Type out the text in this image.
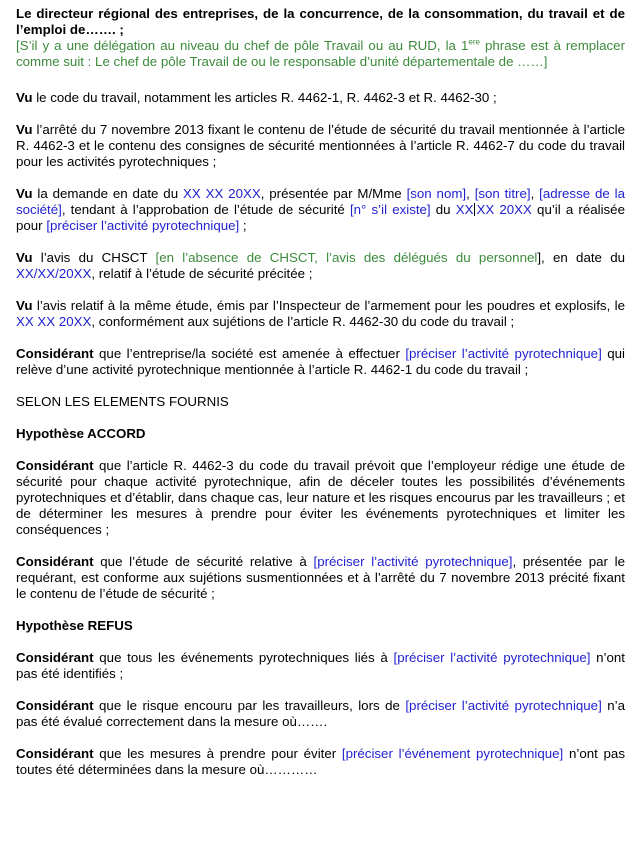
Le directeur régional des entreprises, de la concurrence, de la consommation, du travail et de l’emploi de……. ;

[S’il y a une délégation au niveau du chef de pôle Travail ou au RUD, la 1ere phrase est à remplacer comme suit : Le chef de pôle Travail de ou le responsable d’unité départementale de ……]

Vu le code du travail, notamment les articles R. 4462-1, R. 4462-3 et R. 4462-30 ;

Vu l’arrêté du 7 novembre 2013 fixant le contenu de l’étude de sécurité du travail mentionnée à l’article R. 4462-3 et le contenu des consignes de sécurité mentionnées à l’article R. 4462-7 du code du travail pour les activités pyrotechniques ;

Vu la demande en date du XX XX 20XX, présentée par M/Mme [son nom], [son titre], [adresse de la société], tendant à l’approbation de l’étude de sécurité [n° s’il existe] du XX XX 20XX qu’il a réalisée pour [préciser l’activité pyrotechnique] ;

Vu l’avis du CHSCT [en l’absence de CHSCT, l’avis des délégués du personnel], en date du XX/XX/20XX, relatif à l’étude de sécurité précitée ;

Vu l’avis relatif à la même étude, émis par l’Inspecteur de l’armement pour les poudres et explosifs, le XX XX 20XX, conformément aux sujétions de l’article R. 4462-30 du code du travail ;

Considérant que l’entreprise/la société est amenée à effectuer [préciser l’activité pyrotechnique] qui relève d’une activité pyrotechnique mentionnée à l’article R. 4462-1 du code du travail ;

SELON LES ELEMENTS FOURNIS

Hypothèse ACCORD

Considérant que l’article R. 4462-3 du code du travail prévoit que l’employeur rédige une étude de sécurité pour chaque activité pyrotechnique, afin de déceler toutes les possibilités d’événements pyrotechniques et d’établir, dans chaque cas, leur nature et les risques encourus par les travailleurs ; et de déterminer les mesures à prendre pour éviter les événements pyrotechniques et limiter les conséquences ;

Considérant que l’étude de sécurité relative à [préciser l’activité pyrotechnique], présentée par le requérant, est conforme aux sujétions susmentionnées et à l’arrêté du 7 novembre 2013 précité fixant le contenu de l’étude de sécurité ;

Hypothèse REFUS

Considérant que tous les événements pyrotechniques liés à [préciser l’activité pyrotechnique] n’ont pas été identifiés ;

Considérant que le risque encouru par les travailleurs, lors de [préciser l’activité pyrotechnique] n’a pas été évalué correctement dans la mesure où…….

Considérant que les mesures à prendre pour éviter [préciser l’événement pyrotechnique] n’ont pas toutes été déterminées dans la mesure où…………
